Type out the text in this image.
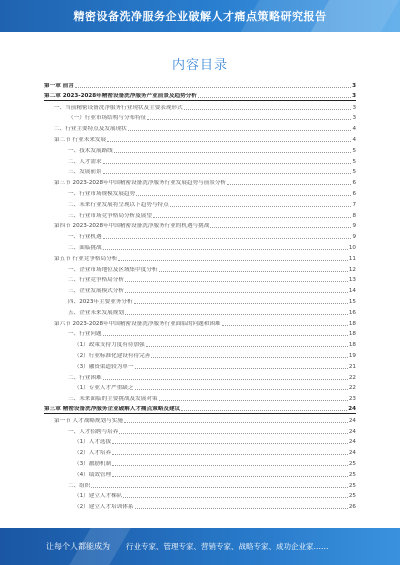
精密设备洗净服务企业破解人才痛点策略研究报告
内容目录
第一章 前言	3
第二章 2023-2028年精密设备洗净服务产业前景及趋势分析	3
一、当前精密设备洗净服务行业现状及主要表现形式	3
（一）行业市场结构与分布特征	3
二、行业主要特点及发展现状	4
第二节 行业未来发展	4
一、技术发展路线	5
二、人才需求	5
三、发展前景	5
第三节 2023-2028年中国精密设备洗净服务行业发展趋势与前景分析	6
一、行业市场规模发展趋势	6
二、未来行业发展将呈现以下趋势与特点	7
三、行业市场竞争格局分析及展望	8
第四节 2023-2028年中国精密设备洗净服务行业的机遇与挑战	9
一、行业机遇	9
二、面临挑战	10
第五节 行业竞争格局分析	11
一、企业市场地位及区域集中度分析	12
二、行业竞争格局分析	13
三、企业发展模式分析	14
四、2023年主要业务分析	15
五、企业未来发展规划	16
第六节 2023-2028年中国精密设备洗净服务行业面临的问题和困难	18
一、行业问题	18
（1）政策支持力度有待加强	18
（2）行业标准化建设有待完善	19
（3）融资渠道较为单一	21
二、行业困难	22
（1）专业人才严重缺乏	22
三、未来面临的主要挑战及发展对策	23
第三章 精密设备洗净服务企业破解人才痛点策略及建议	24
第一节 人才战略规划与实施	24
一、人才招聘与培养	24
（1）人才选拔	24
（2）人才培养	24
（3）激励机制	25
（4）绩效管理	25
二、组织	25
（1）建立人才梯队	25
（2）建立人才培训体系	26
让每个人都能成为 行业专家、管理专家、营销专家、战略专家、成功企业家……
